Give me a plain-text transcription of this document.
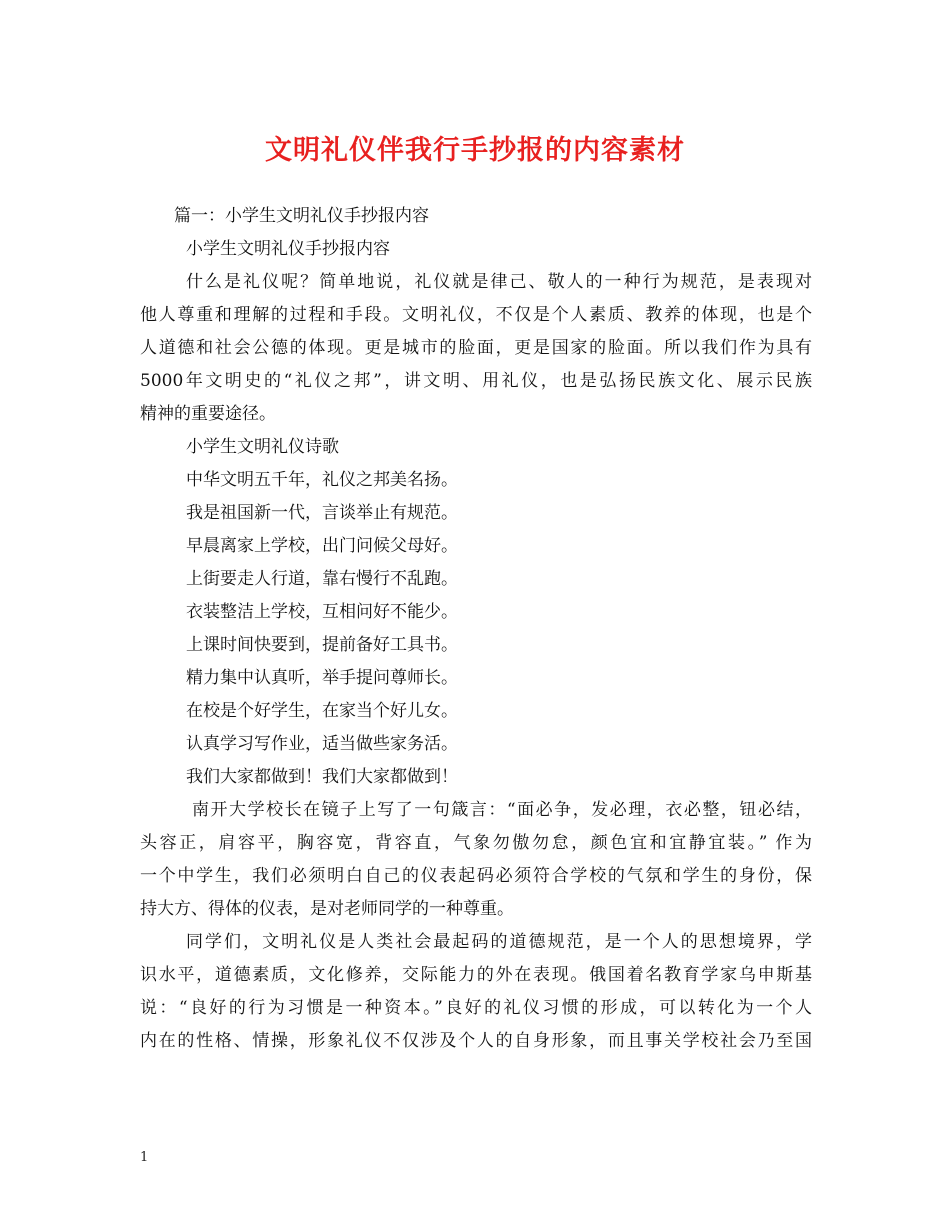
文明礼仪伴我行手抄报的内容素材
篇一：小学生文明礼仪手抄报内容
小学生文明礼仪手抄报内容
什么是礼仪呢？简单地说，礼仪就是律己、敬人的一种行为规范，是表现对
他人尊重和理解的过程和手段。文明礼仪，不仅是个人素质、教养的体现，也是个
人道德和社会公德的体现。更是城市的脸面，更是国家的脸面。所以我们作为具有
5000年文明史的“礼仪之邦”，讲文明、用礼仪，也是弘扬民族文化、展示民族
精神的重要途径。
小学生文明礼仪诗歌
中华文明五千年，礼仪之邦美名扬。
我是祖国新一代，言谈举止有规范。
早晨离家上学校，出门问候父母好。
上街要走人行道，靠右慢行不乱跑。
衣装整洁上学校，互相问好不能少。
上课时间快要到，提前备好工具书。
精力集中认真听，举手提问尊师长。
在校是个好学生，在家当个好儿女。
认真学习写作业，适当做些家务活。
我们大家都做到！我们大家都做到！
南开大学校长在镜子上写了一句箴言：“面必争，发必理，衣必整，钮必结，
头容正，肩容平，胸容宽，背容直，气象勿傲勿怠，颜色宜和宜静宜装。” 作为
一个中学生，我们必须明白自己的仪表起码必须符合学校的气氛和学生的身份，保
持大方、得体的仪表，是对老师同学的一种尊重。
同学们，文明礼仪是人类社会最起码的道德规范，是一个人的思想境界，学
识水平，道德素质，文化修养，交际能力的外在表现。俄国着名教育学家乌申斯基
说：“良好的行为习惯是一种资本。”良好的礼仪习惯的形成，可以转化为一个人
内在的性格、情操，形象礼仪不仅涉及个人的自身形象，而且事关学校社会乃至国
1
